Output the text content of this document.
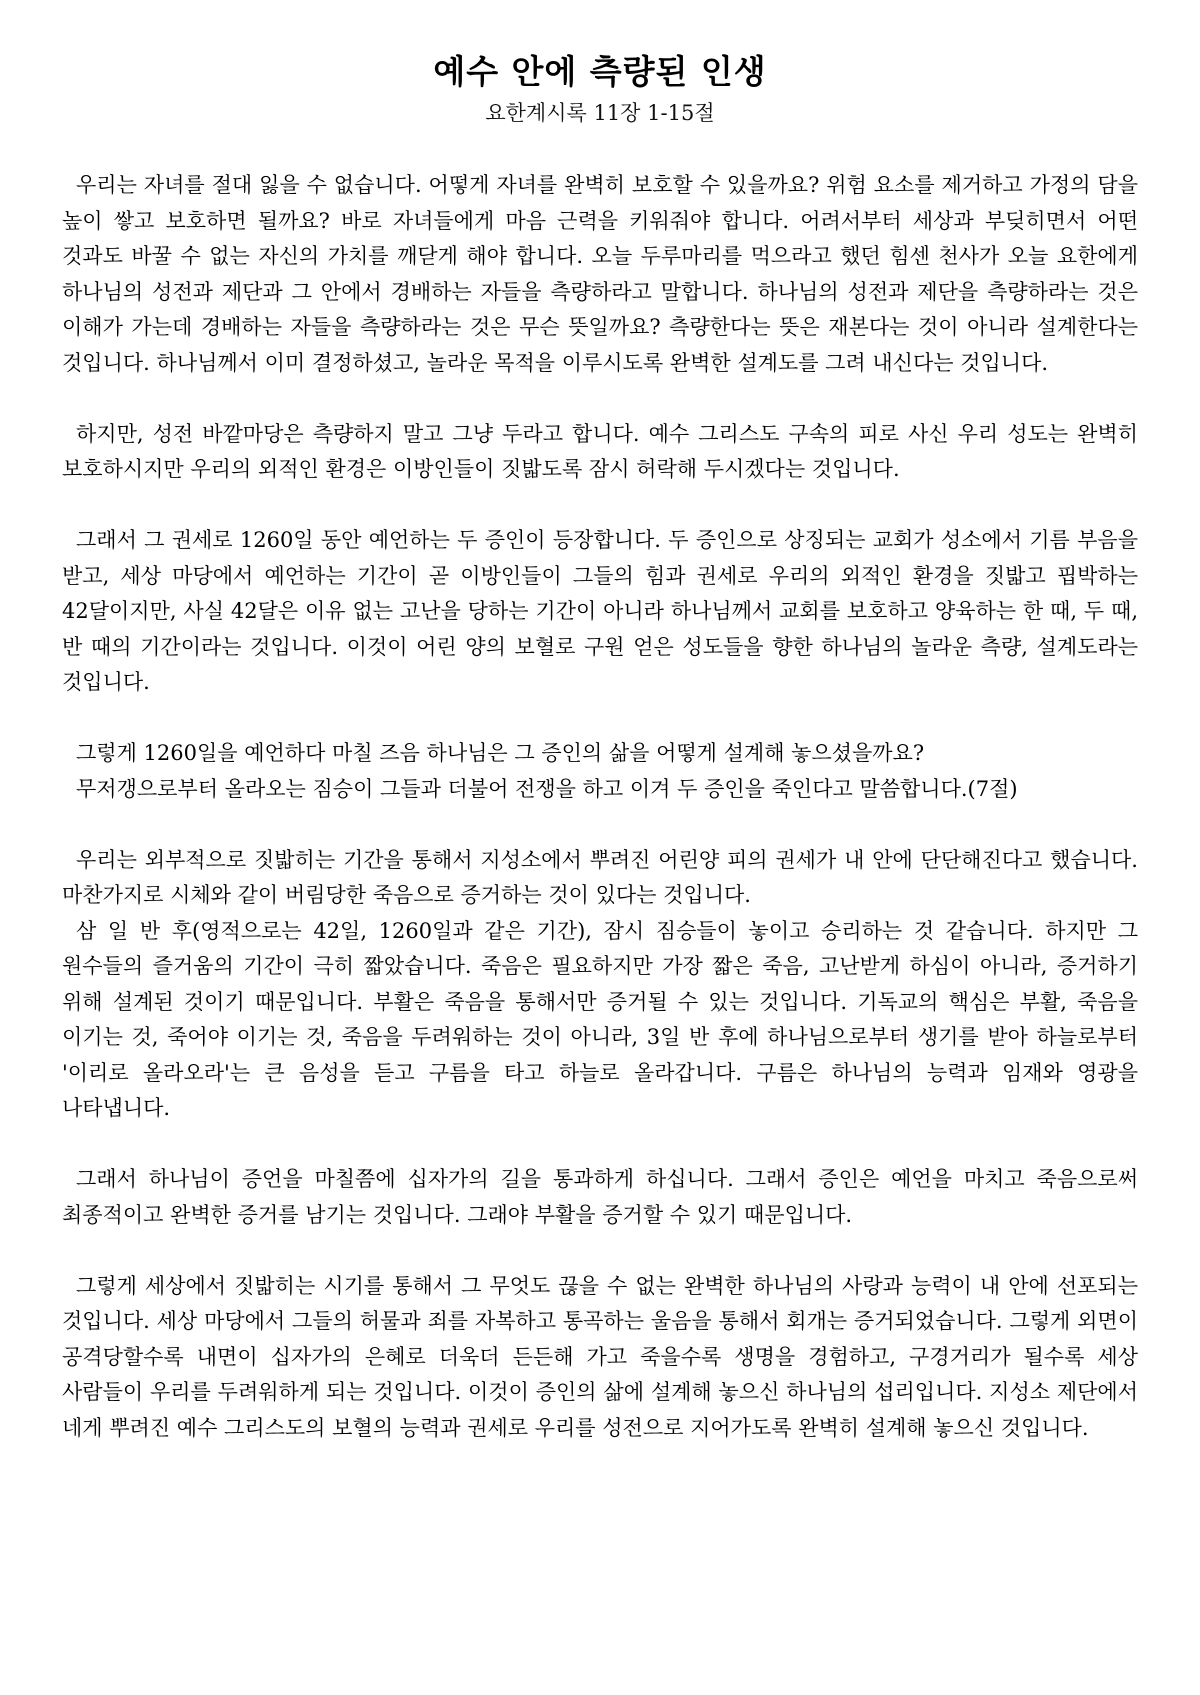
예수 안에 측량된 인생

요한계시록 11장 1-15절

우리는 자녀를 절대 잃을 수 없습니다. 어떻게 자녀를 완벽히 보호할 수 있을까요? 위험 요소를 제거하고 가정의 담을 높이 쌓고 보호하면 될까요? 바로 자녀들에게 마음 근력을 키워줘야 합니다. 어려서부터 세상과 부딪히면서 어떤 것과도 바꿀 수 없는 자신의 가치를 깨닫게 해야 합니다. 오늘 두루마리를 먹으라고 했던 힘센 천사가 오늘 요한에게 하나님의 성전과 제단과 그 안에서 경배하는 자들을 측량하라고 말합니다. 하나님의 성전과 제단을 측량하라는 것은 이해가 가는데 경배하는 자들을 측량하라는 것은 무슨 뜻일까요? 측량한다는 뜻은 재본다는 것이 아니라 설계한다는 것입니다. 하나님께서 이미 결정하셨고, 놀라운 목적을 이루시도록 완벽한 설계도를 그려 내신다는 것입니다.

하지만, 성전 바깥마당은 측량하지 말고 그냥 두라고 합니다. 예수 그리스도 구속의 피로 사신 우리 성도는 완벽히 보호하시지만 우리의 외적인 환경은 이방인들이 짓밟도록 잠시 허락해 두시겠다는 것입니다.

그래서 그 권세로 1260일 동안 예언하는 두 증인이 등장합니다. 두 증인으로 상징되는 교회가 성소에서 기름 부음을 받고, 세상 마당에서 예언하는 기간이 곧 이방인들이 그들의 힘과 권세로 우리의 외적인 환경을 짓밟고 핍박하는 42달이지만, 사실 42달은 이유 없는 고난을 당하는 기간이 아니라 하나님께서 교회를 보호하고 양육하는 한 때, 두 때, 반 때의 기간이라는 것입니다. 이것이 어린 양의 보혈로 구원 얻은 성도들을 향한 하나님의 놀라운 측량, 설계도라는 것입니다.

그렇게 1260일을 예언하다 마칠 즈음 하나님은 그 증인의 삶을 어떻게 설계해 놓으셨을까요?
무저갱으로부터 올라오는 짐승이 그들과 더불어 전쟁을 하고 이겨 두 증인을 죽인다고 말씀합니다.(7절)

우리는 외부적으로 짓밟히는 기간을 통해서 지성소에서 뿌려진 어린양 피의 권세가 내 안에 단단해진다고 했습니다. 마찬가지로 시체와 같이 버림당한 죽음으로 증거하는 것이 있다는 것입니다.
삼 일 반 후(영적으로는 42일, 1260일과 같은 기간), 잠시 짐승들이 놓이고 승리하는 것 같습니다. 하지만 그 원수들의 즐거움의 기간이 극히 짧았습니다. 죽음은 필요하지만 가장 짧은 죽음, 고난받게 하심이 아니라, 증거하기 위해 설계된 것이기 때문입니다. 부활은 죽음을 통해서만 증거될 수 있는 것입니다. 기독교의 핵심은 부활, 죽음을 이기는 것, 죽어야 이기는 것, 죽음을 두려워하는 것이 아니라, 3일 반 후에 하나님으로부터 생기를 받아 하늘로부터 '이리로 올라오라'는 큰 음성을 듣고 구름을 타고 하늘로 올라갑니다. 구름은 하나님의 능력과 임재와 영광을 나타냅니다.

그래서 하나님이 증언을 마칠쯤에 십자가의 길을 통과하게 하십니다. 그래서 증인은 예언을 마치고 죽음으로써 최종적이고 완벽한 증거를 남기는 것입니다. 그래야 부활을 증거할 수 있기 때문입니다.

그렇게 세상에서 짓밟히는 시기를 통해서 그 무엇도 끊을 수 없는 완벽한 하나님의 사랑과 능력이 내 안에 선포되는 것입니다. 세상 마당에서 그들의 허물과 죄를 자복하고 통곡하는 울음을 통해서 회개는 증거되었습니다. 그렇게 외면이 공격당할수록 내면이 십자가의 은혜로 더욱더 든든해 가고 죽을수록 생명을 경험하고, 구경거리가 될수록 세상 사람들이 우리를 두려워하게 되는 것입니다. 이것이 증인의 삶에 설계해 놓으신 하나님의 섭리입니다. 지성소 제단에서 네게 뿌려진 예수 그리스도의 보혈의 능력과 권세로 우리를 성전으로 지어가도록 완벽히 설계해 놓으신 것입니다.
